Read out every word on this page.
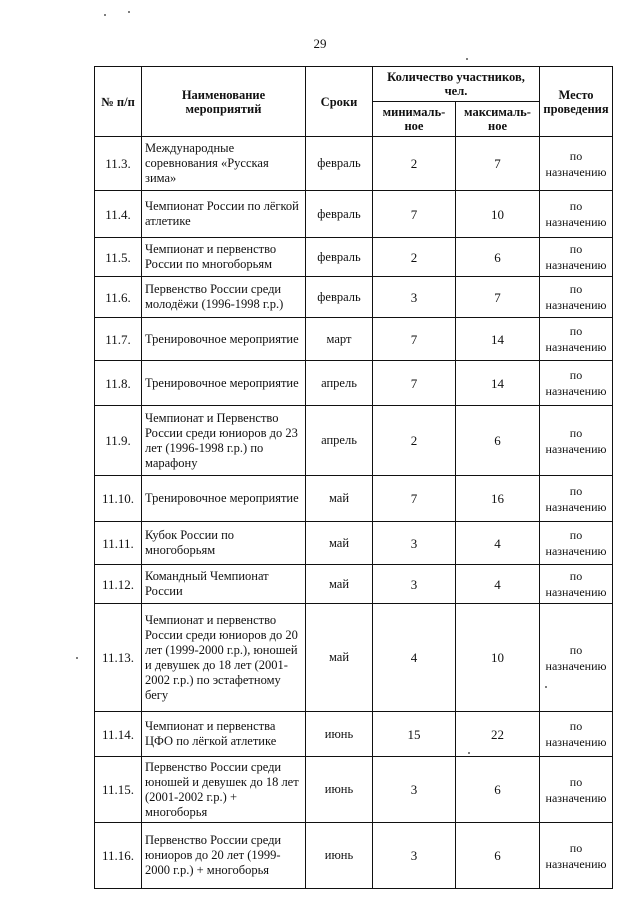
29
№ п/п	Наименование мероприятий	Сроки	Количество участников, чел.		Место проведения
			минималь-ное	максималь-ное	
11.3.	Международные соревнования «Русская зима»	февраль	2	7	по назначению
11.4.	Чемпионат России по лёгкой атлетике	февраль	7	10	по назначению
11.5.	Чемпионат и первенство России по многоборьям	февраль	2	6	по назначению
11.6.	Первенство России среди молодёжи (1996-1998 г.р.)	февраль	3	7	по назначению
11.7.	Тренировочное мероприятие	март	7	14	по назначению
11.8.	Тренировочное мероприятие	апрель	7	14	по назначению
11.9.	Чемпионат и Первенство России среди юниоров до 23 лет (1996-1998 г.р.) по марафону	апрель	2	6	по назначению
11.10.	Тренировочное мероприятие	май	7	16	по назначению
11.11.	Кубок России по многоборьям	май	3	4	по назначению
11.12.	Командный Чемпионат России	май	3	4	по назначению
11.13.	Чемпионат и первенство России среди юниоров до 20 лет (1999-2000 г.р.), юношей и девушек до 18 лет (2001-2002 г.р.) по эстафетному бегу	май	4	10	по назначению
11.14.	Чемпионат и первенства ЦФО по лёгкой атлетике	июнь	15	22	по назначению
11.15.	Первенство России среди юношей и девушек до 18 лет (2001-2002 г.р.) + многоборья	июнь	3	6	по назначению
11.16.	Первенство России среди юниоров до 20 лет (1999-2000 г.р.) + многоборья	июнь	3	6	по назначению
